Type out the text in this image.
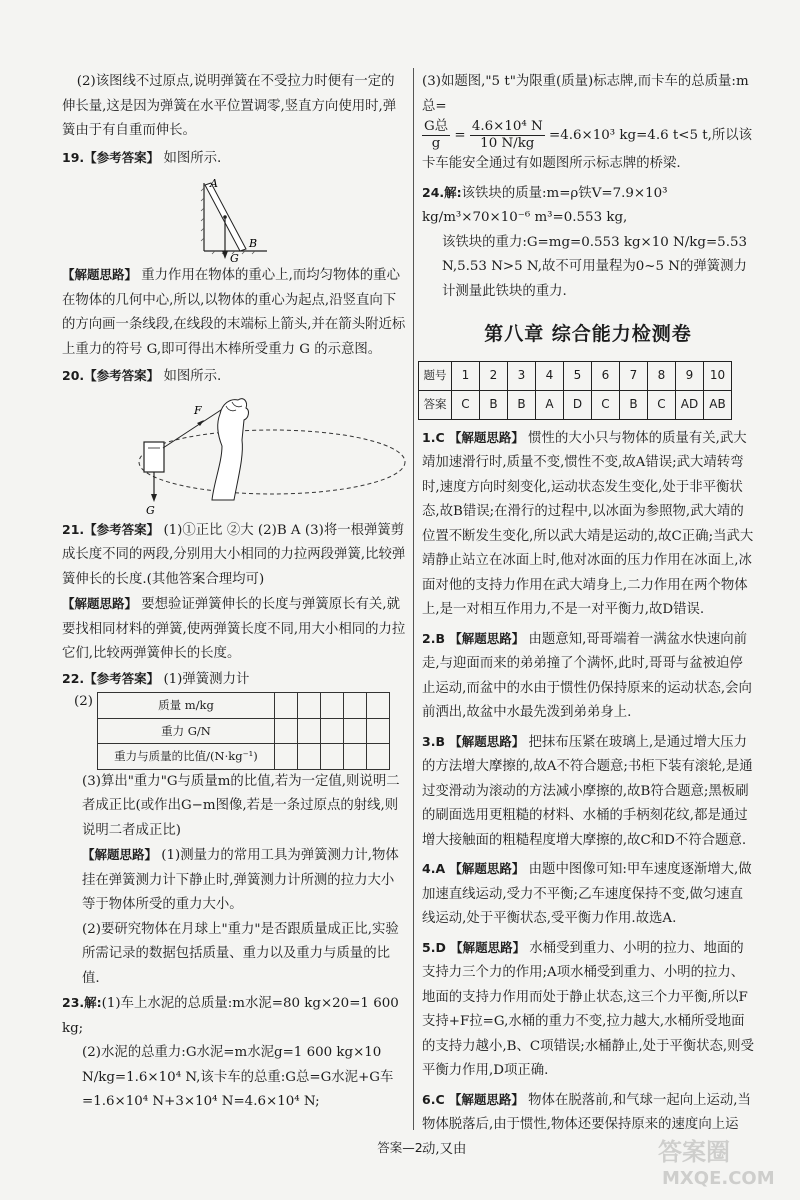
(2)该图线不过原点,说明弹簧在不受拉力时便有一定的伸长量,这是因为弹簧在水平位置调零,竖直方向使用时,弹簧由于有自重而伸长。

19.【参考答案】 如图所示.

A
B
G

【解题思路】 重力作用在物体的重心上,而均匀物体的重心在物体的几何中心,所以,以物体的重心为起点,沿竖直向下的方向画一条线段,在线段的末端标上箭头,并在箭头附近标上重力的符号 G,即可得出木棒所受重力 G 的示意图。

20.【参考答案】 如图所示.

F
G

21.【参考答案】 (1)①正比 ②大 (2)B A (3)将一根弹簧剪成长度不同的两段,分别用大小相同的力拉两段弹簧,比较弹簧伸长的长度.(其他答案合理均可)

【解题思路】 要想验证弹簧伸长的长度与弹簧原长有关,就要找相同材料的弹簧,使两弹簧长度不同,用大小相同的力拉它们,比较两弹簧伸长的长度。

22.【参考答案】 (1)弹簧测力计

(2)	质量 m/kg					
重力 G/N					
重力与质量的比值/(N·kg⁻¹)					

(3)算出"重力"G与质量m的比值,若为一定值,则说明二者成正比(或作出G−m图像,若是一条过原点的射线,则说明二者成正比)

【解题思路】 (1)测量力的常用工具为弹簧测力计,物体挂在弹簧测力计下静止时,弹簧测力计所测的拉力大小等于物体所受的重力大小。

(2)要研究物体在月球上"重力"是否跟质量成正比,实验所需记录的数据包括质量、重力以及重力与质量的比值.

23.解:(1)车上水泥的总质量:m水泥=80 kg×20=1 600 kg;

(2)水泥的总重力:G水泥=m水泥g=1 600 kg×10 N/kg=1.6×10⁴ N,该卡车的总重:G总=G水泥+G车=1.6×10⁴ N+3×10⁴ N=4.6×10⁴ N;

(3)如题图,"5 t"为限重(质量)标志牌,而卡车的总质量:m总=

$\frac{\text{G总}}{g} = \frac{\text{4.6×10⁴ N}}{10 N/kg} =4.6\times 10^3$ kg=4.6 t<5 t,所以该卡车能安全通过有如题图所示标志牌的桥梁.

24.解:该铁块的质量:m=ρ铁V=7.9×10³ kg/m³×70×10⁻⁶ m³=0.553 kg,

该铁块的重力:G=mg=0.553 kg×10 N/kg=5.53 N,5.53 N>5 N,故不可用量程为0~5 N的弹簧测力计测量此铁块的重力.

第八章 综合能力检测卷
题号	1	2	3	4	5	6	7	8	9	10
答案	C	B	B	A	D	C	B	C	AD	AB

1.C 【解题思路】 惯性的大小只与物体的质量有关,武大靖加速滑行时,质量不变,惯性不变,故A错误;武大靖转弯时,速度方向时刻变化,运动状态发生变化,处于非平衡状态,故B错误;在滑行的过程中,以冰面为参照物,武大靖的位置不断发生变化,所以武大靖是运动的,故C正确;当武大靖静止站立在冰面上时,他对冰面的压力作用在冰面上,冰面对他的支持力作用在武大靖身上,二力作用在两个物体上,是一对相互作用力,不是一对平衡力,故D错误.

2.B 【解题思路】 由题意知,哥哥端着一满盆水快速向前走,与迎面而来的弟弟撞了个满怀,此时,哥哥与盆被迫停止运动,而盆中的水由于惯性仍保持原来的运动状态,会向前洒出,故盆中水最先泼到弟弟身上.

3.B 【解题思路】 把抹布压紧在玻璃上,是通过增大压力的方法增大摩擦的,故A不符合题意;书柜下装有滚轮,是通过变滑动为滚动的方法减小摩擦的,故B符合题意;黑板刷的刷面选用更粗糙的材料、水桶的手柄刻花纹,都是通过增大接触面的粗糙程度增大摩擦的,故C和D不符合题意.

4.A 【解题思路】 由题中图像可知:甲车速度逐渐增大,做加速直线运动,受力不平衡;乙车速度保持不变,做匀速直线运动,处于平衡状态,受平衡力作用.故选A.

5.D 【解题思路】 水桶受到重力、小明的拉力、地面的支持力三个力的作用;A项水桶受到重力、小明的拉力、地面的支持力作用而处于静止状态,这三个力平衡,所以F支持+F拉=G,水桶的重力不变,拉力越大,水桶所受地面的支持力越小,B、C项错误;水桶静止,处于平衡状态,则受平衡力作用,D项正确.

6.C 【解题思路】 物体在脱落前,和气球一起向上运动,当物体脱落后,由于惯性,物体还要保持原来的速度向上运动,又由

答案—2	答案圈
MXQE.COM
